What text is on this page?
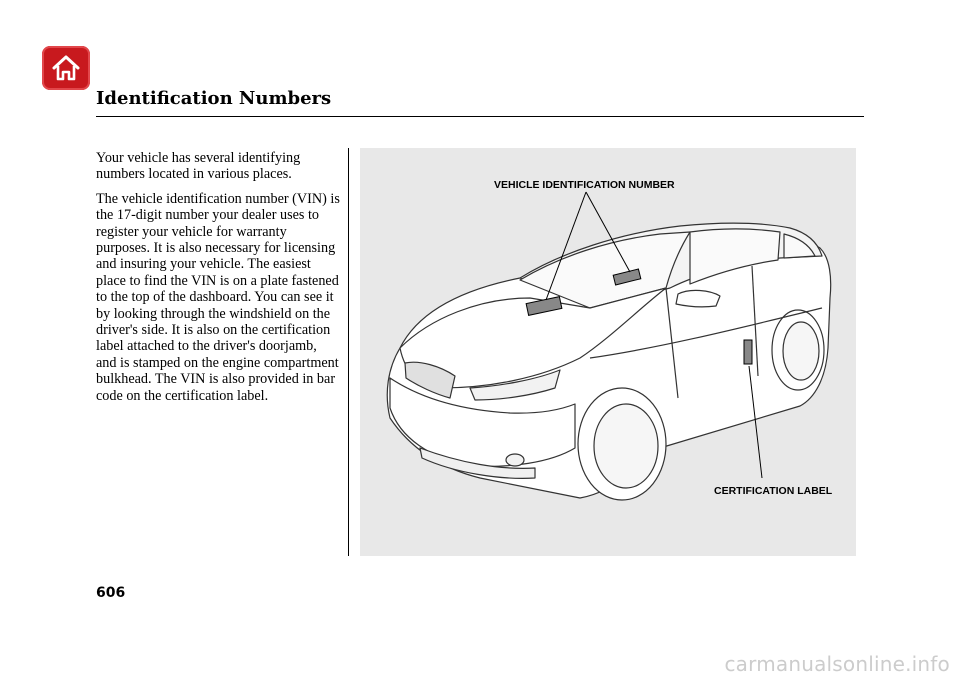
Identification Numbers

Your vehicle has several identifying numbers located in various places.

The vehicle identification number (VIN) is the 17-digit number your dealer uses to register your vehicle for warranty purposes. It is also necessary for licensing and insuring your vehicle. The easiest place to find the VIN is on a plate fastened to the top of the dashboard. You can see it by looking through the windshield on the driver's side. It is also on the certification label attached to the driver's doorjamb, and is stamped on the engine compartment bulkhead. The VIN is also provided in bar code on the certification label.

VEHICLE IDENTIFICATION NUMBER
CERTIFICATION LABEL
606
carmanualsonline.info
